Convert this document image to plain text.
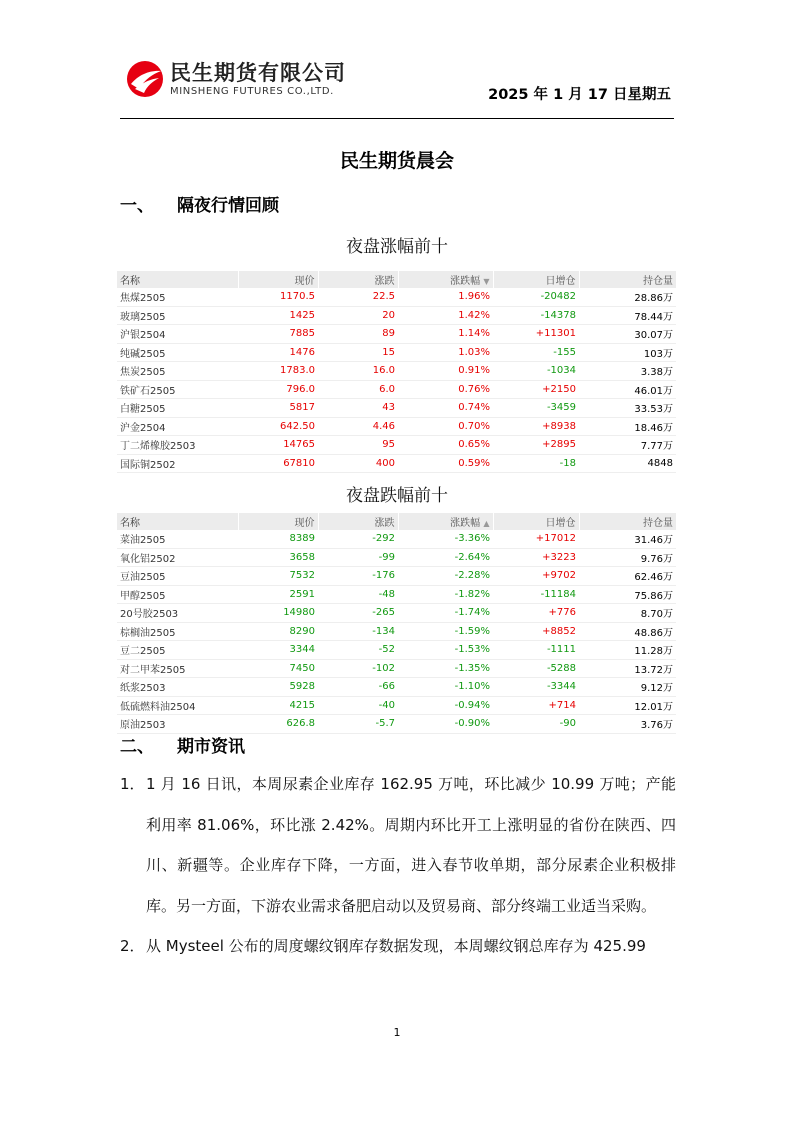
民生期货有限公司
MINSHENG FUTURES CO.,LTD.	2025 年 1 月 17 日星期五
民生期货晨会
一、 隔夜行情回顾
夜盘涨幅前十
名称	现价	涨跌	涨跌幅 ▼	日增仓	持仓量
焦煤2505	1170.5	22.5	1.96%	-20482	28.86万
玻璃2505	1425	20	1.42%	-14378	78.44万
沪银2504	7885	89	1.14%	+11301	30.07万
纯碱2505	1476	15	1.03%	-155	103万
焦炭2505	1783.0	16.0	0.91%	-1034	3.38万
铁矿石2505	796.0	6.0	0.76%	+2150	46.01万
白糖2505	5817	43	0.74%	-3459	33.53万
沪金2504	642.50	4.46	0.70%	+8938	18.46万
丁二烯橡胶2503	14765	95	0.65%	+2895	7.77万
国际铜2502	67810	400	0.59%	-18	4848
夜盘跌幅前十
名称	现价	涨跌	涨跌幅 ▲	日增仓	持仓量
菜油2505	8389	-292	-3.36%	+17012	31.46万
氧化铝2502	3658	-99	-2.64%	+3223	9.76万
豆油2505	7532	-176	-2.28%	+9702	62.46万
甲醇2505	2591	-48	-1.82%	-11184	75.86万
20号胶2503	14980	-265	-1.74%	+776	8.70万
棕榈油2505	8290	-134	-1.59%	+8852	48.86万
豆二2505	3344	-52	-1.53%	-1111	11.28万
对二甲苯2505	7450	-102	-1.35%	-5288	13.72万
纸浆2503	5928	-66	-1.10%	-3344	9.12万
低硫燃料油2504	4215	-40	-0.94%	+714	12.01万
原油2503	626.8	-5.7	-0.90%	-90	3.76万
二、 期市资讯
1． 1 月 16 日讯，本周尿素企业库存 162.95 万吨，环比减少 10.99 万吨；产能利用率 81.06%，环比涨 2.42%。周期内环比开工上涨明显的省份在陕西、四川、新疆等。企业库存下降，一方面，进入春节收单期，部分尿素企业积极排库。另一方面，下游农业需求备肥启动以及贸易商、部分终端工业适当采购。
2． 从 Mysteel 公布的周度螺纹钢库存数据发现，本周螺纹钢总库存为 425.99
1
